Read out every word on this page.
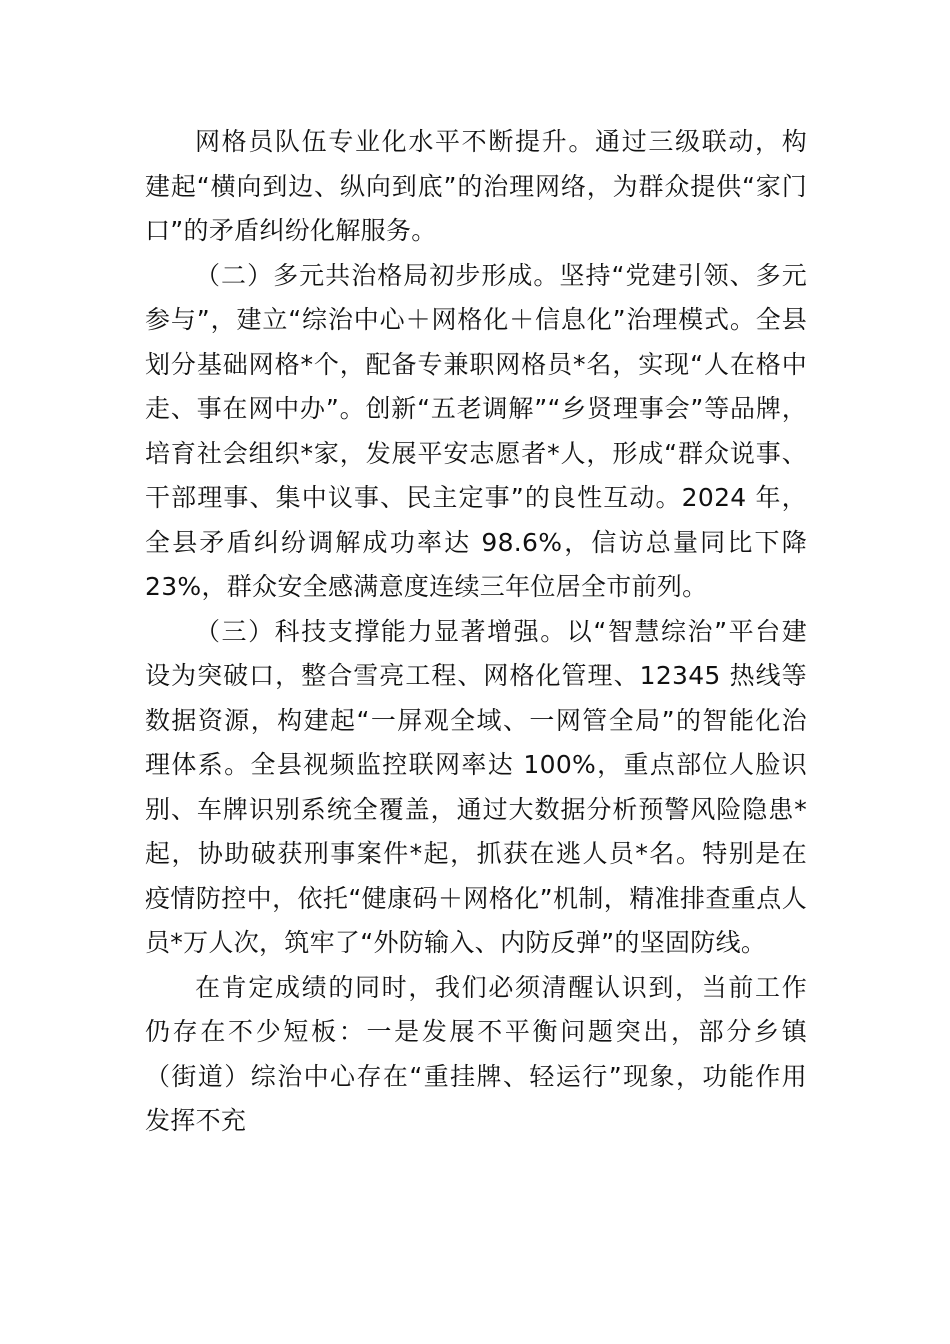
网格员队伍专业化水平不断提升。通过三级联动，构
建起“横向到边、纵向到底”的治理网络，为群众提供“家门
口”的矛盾纠纷化解服务。
（二）多元共治格局初步形成。坚持“党建引领、多元
参与”，建立“综治中心＋网格化＋信息化”治理模式。全县
划分基础网格*个，配备专兼职网格员*名，实现“人在格中
走、事在网中办”。创新“五老调解”“乡贤理事会”等品牌，
培育社会组织*家，发展平安志愿者*人，形成“群众说事、
干部理事、集中议事、民主定事”的良性互动。2024 年，
全县矛盾纠纷调解成功率达 98.6%，信访总量同比下降
23%，群众安全感满意度连续三年位居全市前列。
（三）科技支撑能力显著增强。以“智慧综治”平台建
设为突破口，整合雪亮工程、网格化管理、12345 热线等
数据资源，构建起“一屏观全域、一网管全局”的智能化治
理体系。全县视频监控联网率达 100%，重点部位人脸识
别、车牌识别系统全覆盖，通过大数据分析预警风险隐患*
起，协助破获刑事案件*起，抓获在逃人员*名。特别是在
疫情防控中，依托“健康码＋网格化”机制，精准排查重点人
员*万人次，筑牢了“外防输入、内防反弹”的坚固防线。
在肯定成绩的同时，我们必须清醒认识到，当前工作
仍存在不少短板：一是发展不平衡问题突出，部分乡镇
（街道）综治中心存在“重挂牌、轻运行”现象，功能作用
发挥不充
